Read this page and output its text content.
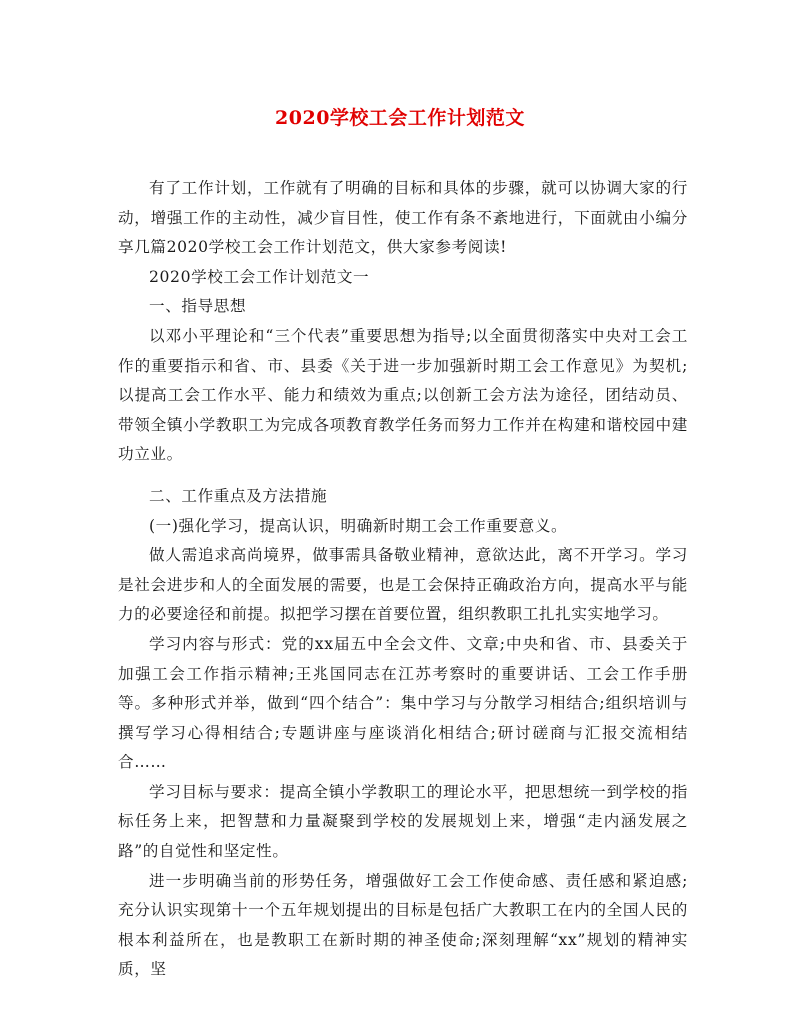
2020学校工会工作计划范文

有了工作计划，工作就有了明确的目标和具体的步骤，就可以协调大家的行动，增强工作的主动性，减少盲目性，使工作有条不紊地进行，下面就由小编分享几篇2020学校工会工作计划范文，供大家参考阅读!

2020学校工会工作计划范文一

一、指导思想

以邓小平理论和“三个代表”重要思想为指导;以全面贯彻落实中央对工会工作的重要指示和省、市、县委《关于进一步加强新时期工会工作意见》为契机;以提高工会工作水平、能力和绩效为重点;以创新工会方法为途径，团结动员、带领全镇小学教职工为完成各项教育教学任务而努力工作并在构建和谐校园中建功立业。

二、工作重点及方法措施

(一)强化学习，提高认识，明确新时期工会工作重要意义。

做人需追求高尚境界，做事需具备敬业精神，意欲达此，离不开学习。学习是社会进步和人的全面发展的需要，也是工会保持正确政治方向，提高水平与能力的必要途径和前提。拟把学习摆在首要位置，组织教职工扎扎实实地学习。

学习内容与形式：党的xx届五中全会文件、文章;中央和省、市、县委关于加强工会工作指示精神;王兆国同志在江苏考察时的重要讲话、工会工作手册等。多种形式并举，做到“四个结合”：集中学习与分散学习相结合;组织培训与撰写学习心得相结合;专题讲座与座谈消化相结合;研讨磋商与汇报交流相结合……

学习目标与要求：提高全镇小学教职工的理论水平，把思想统一到学校的指标任务上来，把智慧和力量凝聚到学校的发展规划上来，增强“走内涵发展之路”的自觉性和坚定性。

进一步明确当前的形势任务，增强做好工会工作使命感、责任感和紧迫感;充分认识实现第十一个五年规划提出的目标是包括广大教职工在内的全国人民的根本利益所在，也是教职工在新时期的神圣使命;深刻理解“xx”规划的精神实质，坚
